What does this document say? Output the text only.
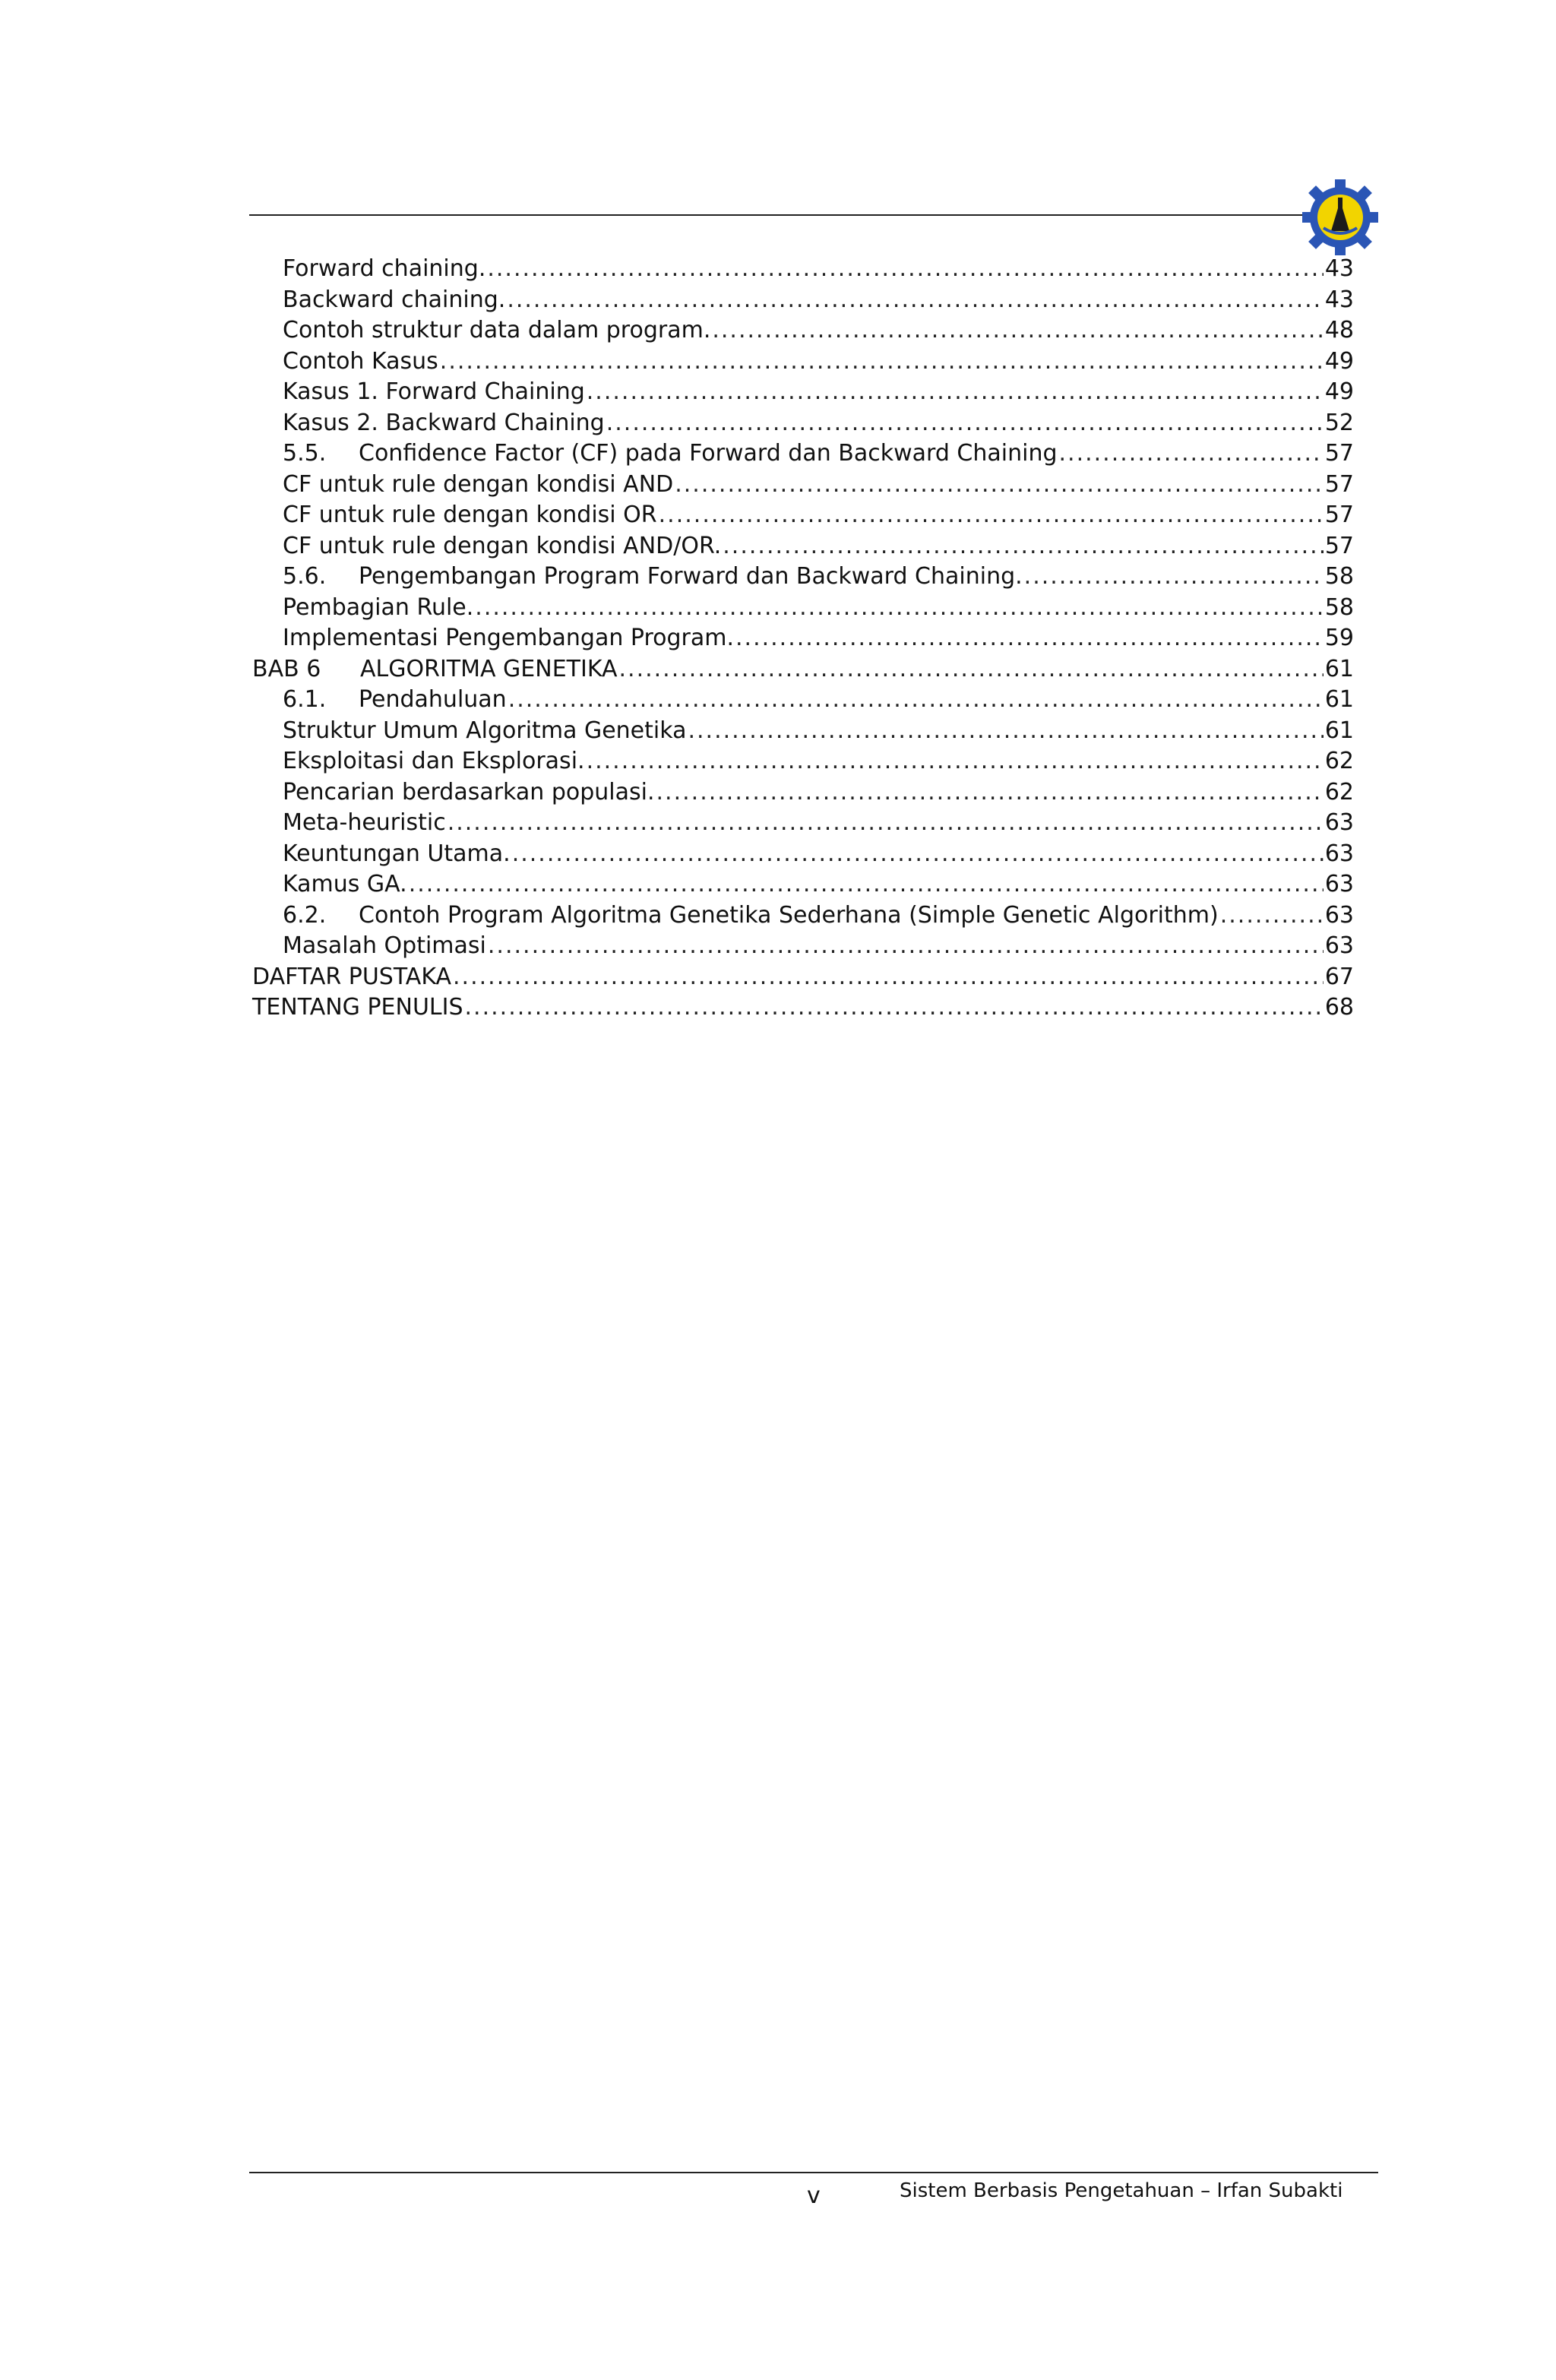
Forward chaining. .....	43
Backward chaining. .....	43
Contoh struktur data dalam program. .....	48
Contoh Kasus .....	49
Kasus 1. Forward Chaining .....	49
Kasus 2. Backward Chaining .....	52
5.5.	Confidence Factor (CF) pada Forward dan Backward Chaining .....	57
CF untuk rule dengan kondisi AND .....	57
CF untuk rule dengan kondisi OR .....	57
CF untuk rule dengan kondisi AND/OR. .....	57
5.6.	Pengembangan Program Forward dan Backward Chaining. .....	58
Pembagian Rule. .....	58
Implementasi Pengembangan Program. .....	59
BAB 6	ALGORITMA GENETIKA .....	61
6.1.	Pendahuluan .....	61
Struktur Umum Algoritma Genetika .....	61
Eksploitasi dan Eksplorasi. .....	62
Pencarian berdasarkan populasi. .....	62
Meta-heuristic .....	63
Keuntungan Utama. .....	63
Kamus GA. .....	63
6.2.	Contoh Program Algoritma Genetika Sederhana (Simple Genetic Algorithm) .....	63
Masalah Optimasi .....	63
DAFTAR PUSTAKA .....	67
TENTANG PENULIS .....	68
v	Sistem Berbasis Pengetahuan – Irfan Subakti
